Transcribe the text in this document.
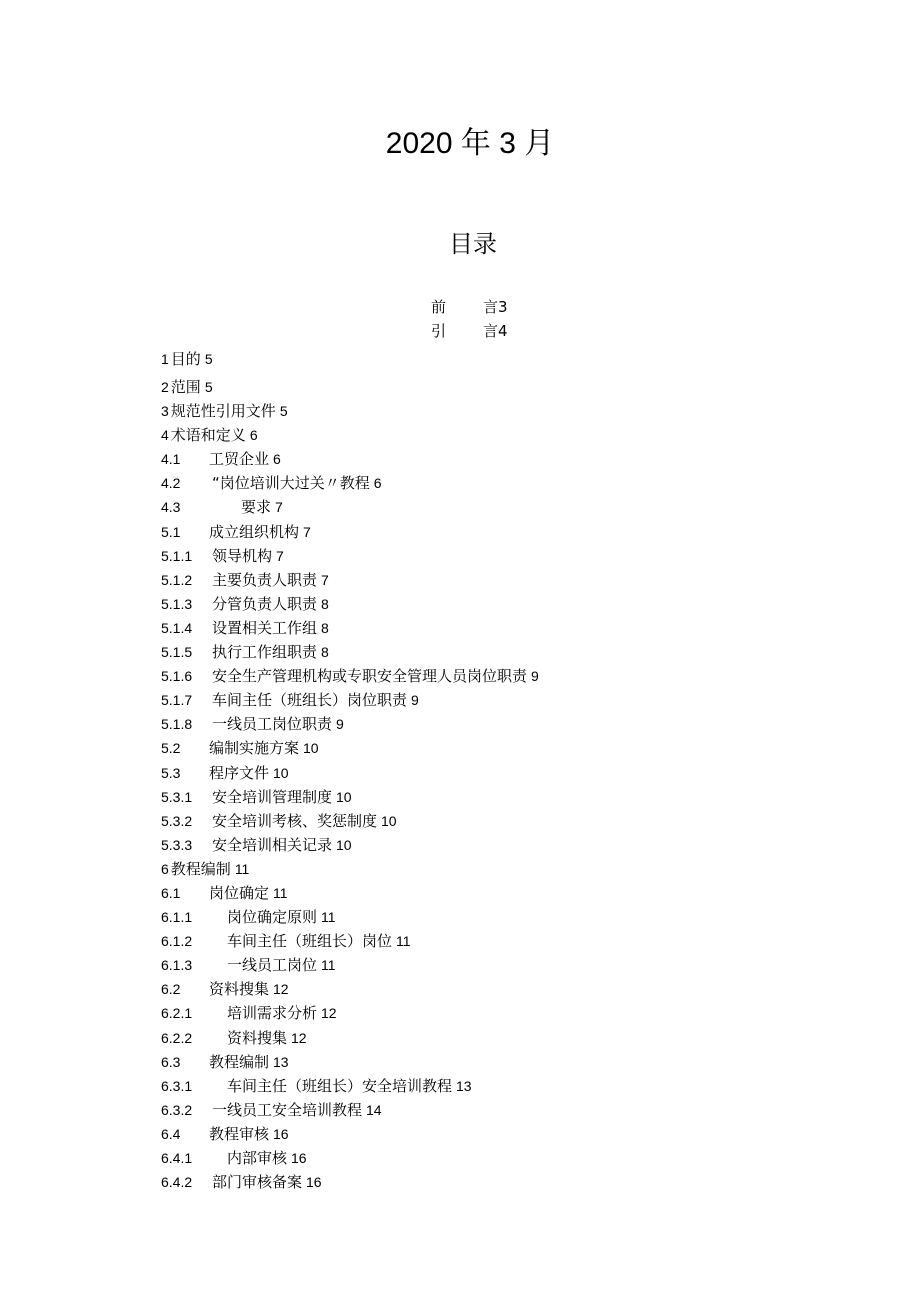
2020 年 3 月
目录
前 言3
引 言4
1 目的 5
2 范围 5
3 规范性引用文件 5
4 术语和定义 6
4.1 工贸企业 6
4.2 “岗位培训大过关〃教程 6
4.3	要求 7
5.1 成立组织机构 7
5.1.1 领导机构 7
5.1.2 主要负责人职责 7
5.1.3 分管负责人职责 8
5.1.4 设置相关工作组 8
5.1.5 执行工作组职责 8
5.1.6 安全生产管理机构或专职安全管理人员岗位职责 9
5.1.7 车间主任（班组长）岗位职责 9
5.1.8 一线员工岗位职责 9
5.2 编制实施方案 10
5.3 程序文件 10
5.3.1 安全培训管理制度 10
5.3.2 安全培训考核、奖惩制度 10
5.3.3 安全培训相关记录 10
6 教程编制 11
6.1 岗位确定 11
6.1.1 岗位确定原则 11
6.1.2 车间主任（班组长）岗位 11
6.1.3 一线员工岗位 11
6.2 资料搜集 12
6.2.1 培训需求分析 12
6.2.2 资料搜集 12
6.3 教程编制 13
6.3.1 车间主任（班组长）安全培训教程 13
6.3.2 一线员工安全培训教程 14
6.4 教程审核 16
6.4.1 内部审核 16
6.4.2 部门审核备案 16
